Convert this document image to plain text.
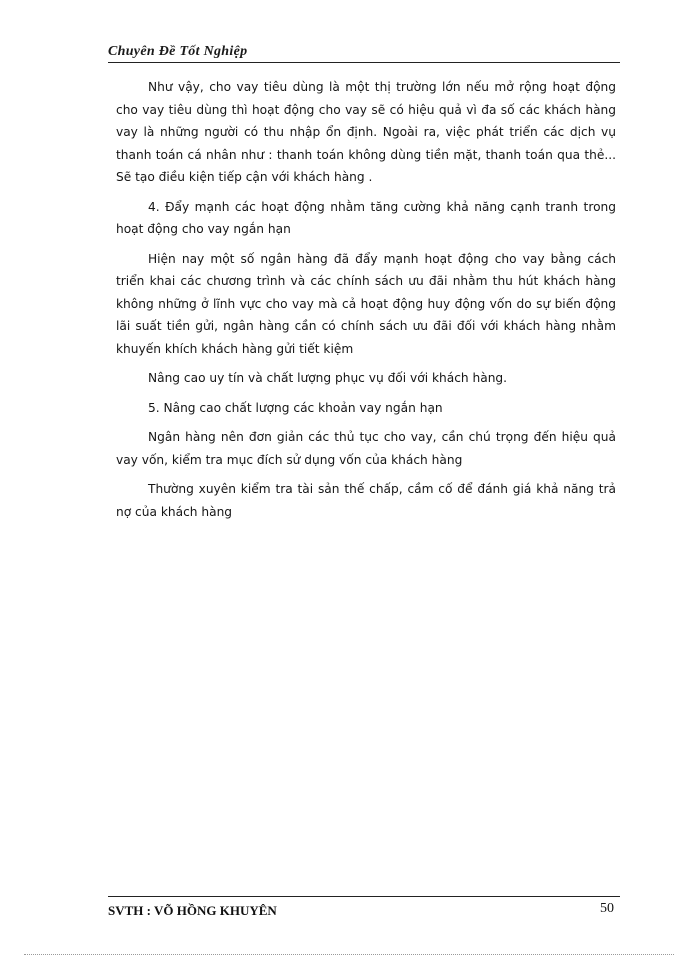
Chuyên Đề Tốt Nghiệp

Như vậy, cho vay tiêu dùng là một thị trường lớn nếu mở rộng hoạt động cho vay tiêu dùng thì hoạt động cho vay sẽ có hiệu quả vì đa số các khách hàng vay là những người có thu nhập ổn định. Ngoài ra, việc phát triển các dịch vụ thanh toán cá nhân như : thanh toán không dùng tiền mặt, thanh toán qua thẻ... Sẽ tạo điều kiện tiếp cận với khách hàng .

4. Đẩy mạnh các hoạt động nhằm tăng cường khả năng cạnh tranh trong hoạt động cho vay ngắn hạn

Hiện nay một số ngân hàng đã đẩy mạnh hoạt động cho vay bằng cách triển khai các chương trình và các chính sách ưu đãi nhằm thu hút khách hàng không những ở lĩnh vực cho vay mà cả hoạt động huy động vốn do sự biến động lãi suất tiền gửi, ngân hàng cần có chính sách ưu đãi đối với khách hàng nhằm khuyến khích khách hàng gửi tiết kiệm

Nâng cao uy tín và chất lượng phục vụ đối với khách hàng.

5. Nâng cao chất lượng các khoản vay ngắn hạn

Ngân hàng nên đơn giản các thủ tục cho vay, cần chú trọng đến hiệu quả vay vốn, kiểm tra mục đích sử dụng vốn của khách hàng

Thường xuyên kiểm tra tài sản thế chấp, cầm cố để đánh giá khả năng trả nợ của khách hàng

SVTH : VÕ HỒNG KHUYÊN	50
